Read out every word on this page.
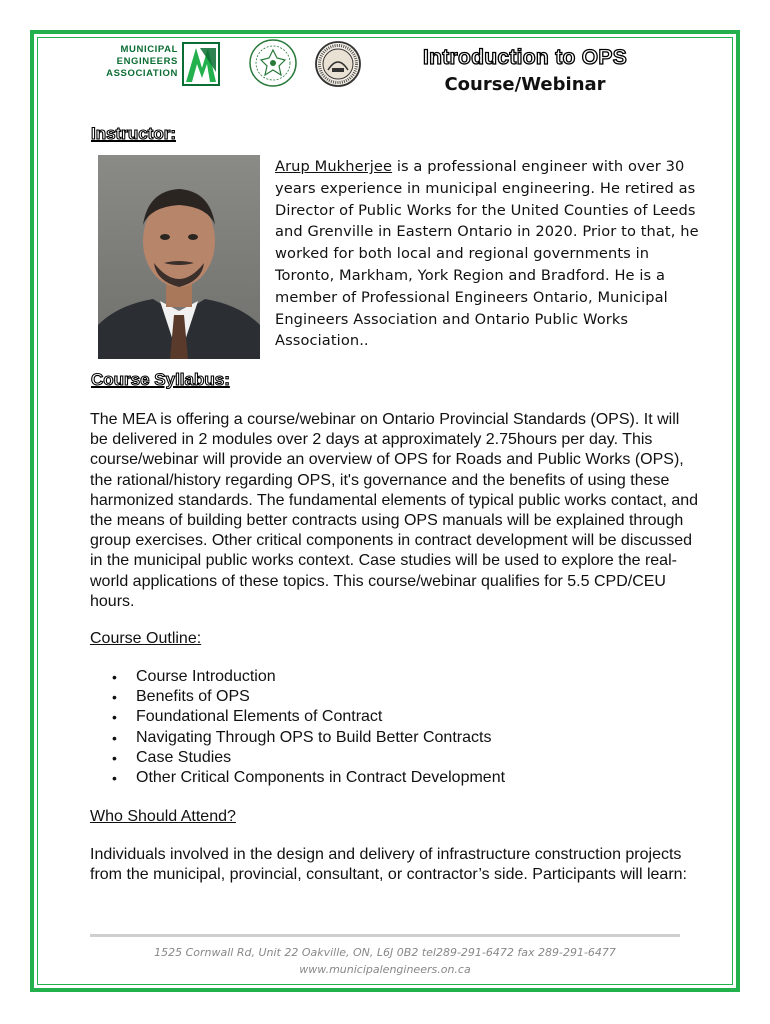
MUNICIPAL
ENGINEERS
ASSOCIATION
Introduction to OPS
Course/Webinar
Instructor:
Arup Mukherjee is a professional engineer with over 30 years experience in municipal engineering. He retired as Director of Public Works for the United Counties of Leeds and Grenville in Eastern Ontario in 2020. Prior to that, he worked for both local and regional governments in Toronto, Markham, York Region and Bradford. He is a member of Professional Engineers Ontario, Municipal Engineers Association and Ontario Public Works Association..
Course Syllabus:
The MEA is offering a course/webinar on Ontario Provincial Standards (OPS). It will be delivered in 2 modules over 2 days at approximately 2.75hours per day. This course/webinar will provide an overview of OPS for Roads and Public Works (OPS), the rational/history regarding OPS, it's governance and the benefits of using these harmonized standards. The fundamental elements of typical public works contact, and the means of building better contracts using OPS manuals will be explained through group exercises. Other critical components in contract development will be discussed in the municipal public works context. Case studies will be used to explore the real-world applications of these topics. This course/webinar qualifies for 5.5 CPD/CEU hours.
Course Outline:
• Course Introduction
• Benefits of OPS
• Foundational Elements of Contract
• Navigating Through OPS to Build Better Contracts
• Case Studies
• Other Critical Components in Contract Development
Who Should Attend?
Individuals involved in the design and delivery of infrastructure construction projects from the municipal, provincial, consultant, or contractor’s side. Participants will learn:
1525 Cornwall Rd, Unit 22 Oakville, ON, L6J 0B2 tel289-291-6472 fax 289-291-6477
www.municipalengineers.on.ca
